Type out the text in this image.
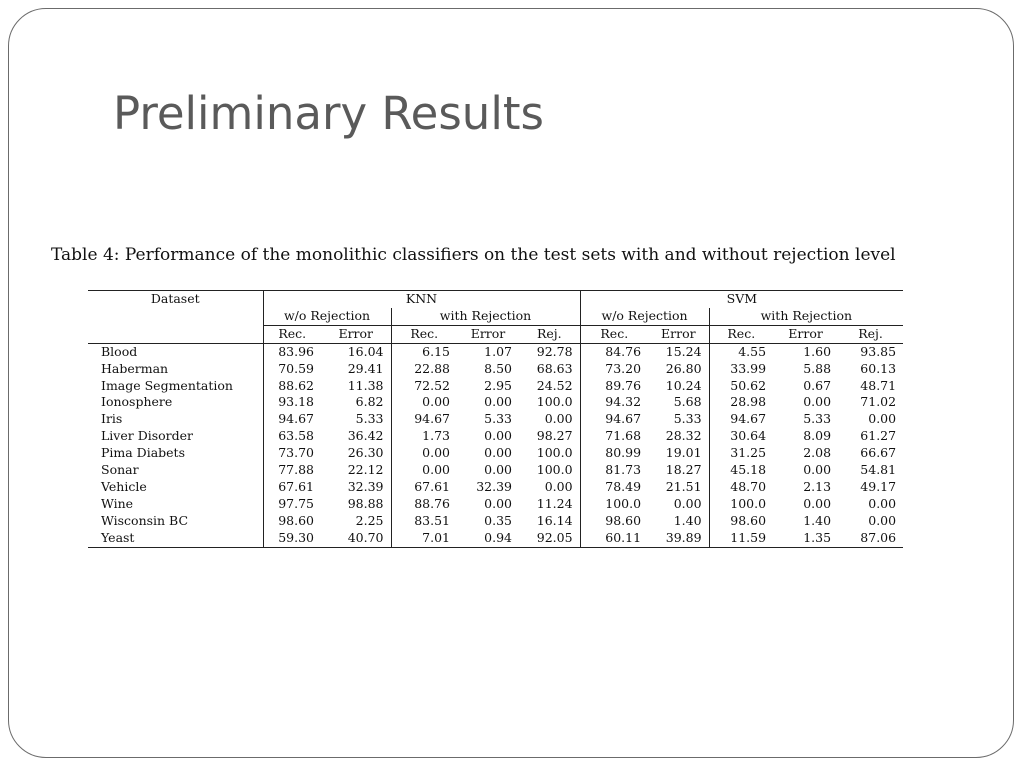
Preliminary Results
Table 4: Performance of the monolithic classifiers on the test sets with and without rejection level
Dataset	KNN					SVM				
	w/o Rejection		with Rejection			w/o Rejection		with Rejection		
	Rec.	Error	Rec.	Error	Rej.	Rec.	Error	Rec.	Error	Rej.
Blood	83.96	16.04	6.15	1.07	92.78	84.76	15.24	4.55	1.60	93.85
Haberman	70.59	29.41	22.88	8.50	68.63	73.20	26.80	33.99	5.88	60.13
Image Segmentation	88.62	11.38	72.52	2.95	24.52	89.76	10.24	50.62	0.67	48.71
Ionosphere	93.18	6.82	0.00	0.00	100.0	94.32	5.68	28.98	0.00	71.02
Iris	94.67	5.33	94.67	5.33	0.00	94.67	5.33	94.67	5.33	0.00
Liver Disorder	63.58	36.42	1.73	0.00	98.27	71.68	28.32	30.64	8.09	61.27
Pima Diabets	73.70	26.30	0.00	0.00	100.0	80.99	19.01	31.25	2.08	66.67
Sonar	77.88	22.12	0.00	0.00	100.0	81.73	18.27	45.18	0.00	54.81
Vehicle	67.61	32.39	67.61	32.39	0.00	78.49	21.51	48.70	2.13	49.17
Wine	97.75	98.88	88.76	0.00	11.24	100.0	0.00	100.0	0.00	0.00
Wisconsin BC	98.60	2.25	83.51	0.35	16.14	98.60	1.40	98.60	1.40	0.00
Yeast	59.30	40.70	7.01	0.94	92.05	60.11	39.89	11.59	1.35	87.06
